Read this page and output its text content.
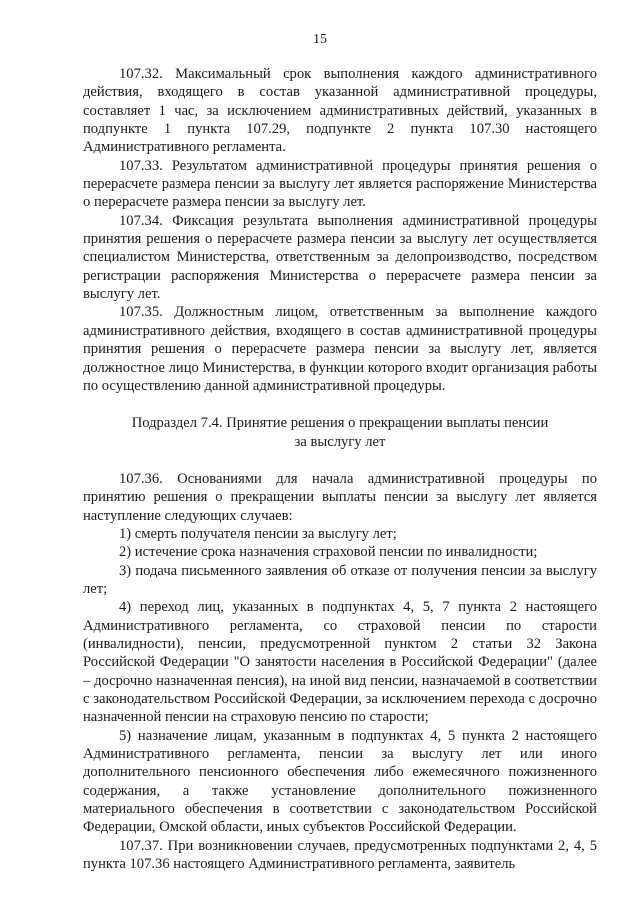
15

107.32. Максимальный срок выполнения каждого административного действия, входящего в состав указанной административной процедуры, составляет 1 час, за исключением административных действий, указанных в подпункте 1 пункта 107.29, подпункте 2 пункта 107.30 настоящего Административного регламента.

107.33. Результатом административной процедуры принятия решения о перерасчете размера пенсии за выслугу лет является распоряжение Министерства о перерасчете размера пенсии за выслугу лет.

107.34. Фиксация результата выполнения административной процедуры принятия решения о перерасчете размера пенсии за выслугу лет осуществляется специалистом Министерства, ответственным за делопроизводство, посредством регистрации распоряжения Министерства о перерасчете размера пенсии за выслугу лет.

107.35. Должностным лицом, ответственным за выполнение каждого административного действия, входящего в состав административной процедуры принятия решения о перерасчете размера пенсии за выслугу лет, является должностное лицо Министерства, в функции которого входит организация работы по осуществлению данной административной процедуры.

Подраздел 7.4. Принятие решения о прекращении выплаты пенсии

за выслугу лет

107.36. Основаниями для начала административной процедуры по принятию решения о прекращении выплаты пенсии за выслугу лет является наступление следующих случаев:

1) смерть получателя пенсии за выслугу лет;

2) истечение срока назначения страховой пенсии по инвалидности;

3) подача письменного заявления об отказе от получения пенсии за выслугу лет;

4) переход лиц, указанных в подпунктах 4, 5, 7 пункта 2 настоящего Административного регламента, со страховой пенсии по старости (инвалидности), пенсии, предусмотренной пунктом 2 статьи 32 Закона Российской Федерации "О занятости населения в Российской Федерации" (далее – досрочно назначенная пенсия), на иной вид пенсии, назначаемой в соответствии с законодательством Российской Федерации, за исключением перехода с досрочно назначенной пенсии на страховую пенсию по старости;

5) назначение лицам, указанным в подпунктах 4, 5 пункта 2 настоящего Административного регламента, пенсии за выслугу лет или иного дополнительного пенсионного обеспечения либо ежемесячного пожизненного содержания, а также установление дополнительного пожизненного материального обеспечения в соответствии с законодательством Российской Федерации, Омской области, иных субъектов Российской Федерации.

107.37. При возникновении случаев, предусмотренных подпунктами 2, 4, 5 пункта 107.36 настоящего Административного регламента, заявитель
